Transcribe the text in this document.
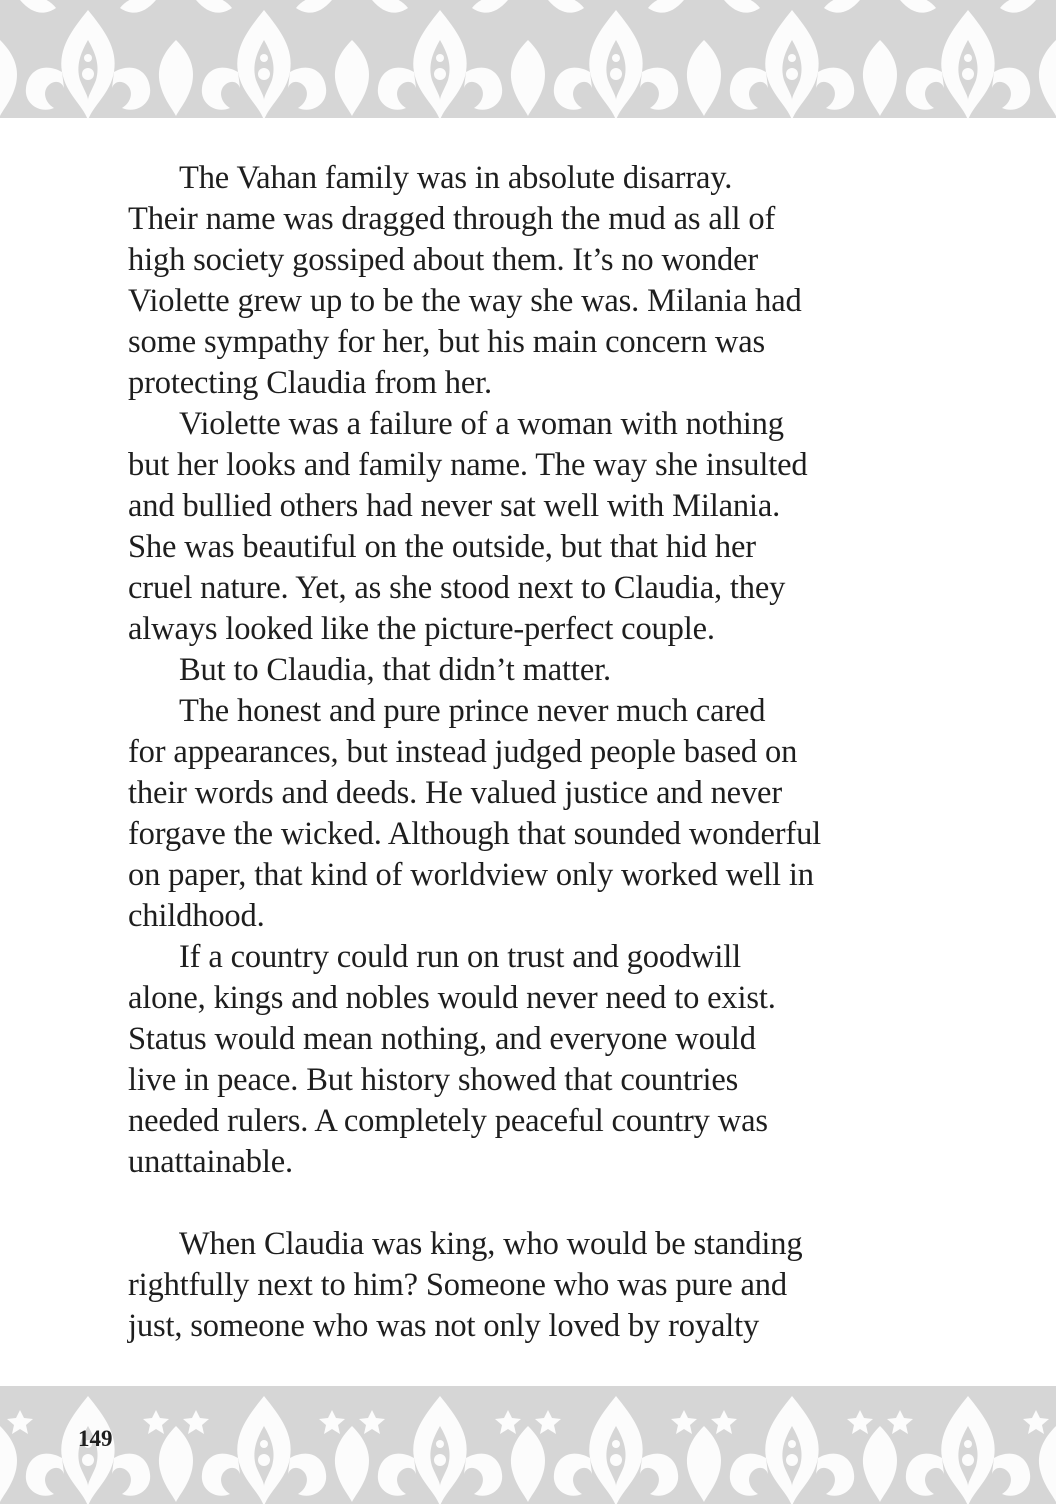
The Vahan family was in absolute disarray.
Their name was dragged through the mud as all of
high society gossiped about them. It’s no wonder
Violette grew up to be the way she was. Milania had
some sympathy for her, but his main concern was
protecting Claudia from her.
Violette was a failure of a woman with nothing
but her looks and family name. The way she insulted
and bullied others had never sat well with Milania.
She was beautiful on the outside, but that hid her
cruel nature. Yet, as she stood next to Claudia, they
always looked like the picture-perfect couple.
But to Claudia, that didn’t matter.
The honest and pure prince never much cared
for appearances, but instead judged people based on
their words and deeds. He valued justice and never
forgave the wicked. Although that sounded wonderful
on paper, that kind of worldview only worked well in
childhood.
If a country could run on trust and goodwill
alone, kings and nobles would never need to exist.
Status would mean nothing, and everyone would
live in peace. But history showed that countries
needed rulers. A completely peaceful country was
unattainable.
When Claudia was king, who would be standing
rightfully next to him? Someone who was pure and
just, someone who was not only loved by royalty

149
